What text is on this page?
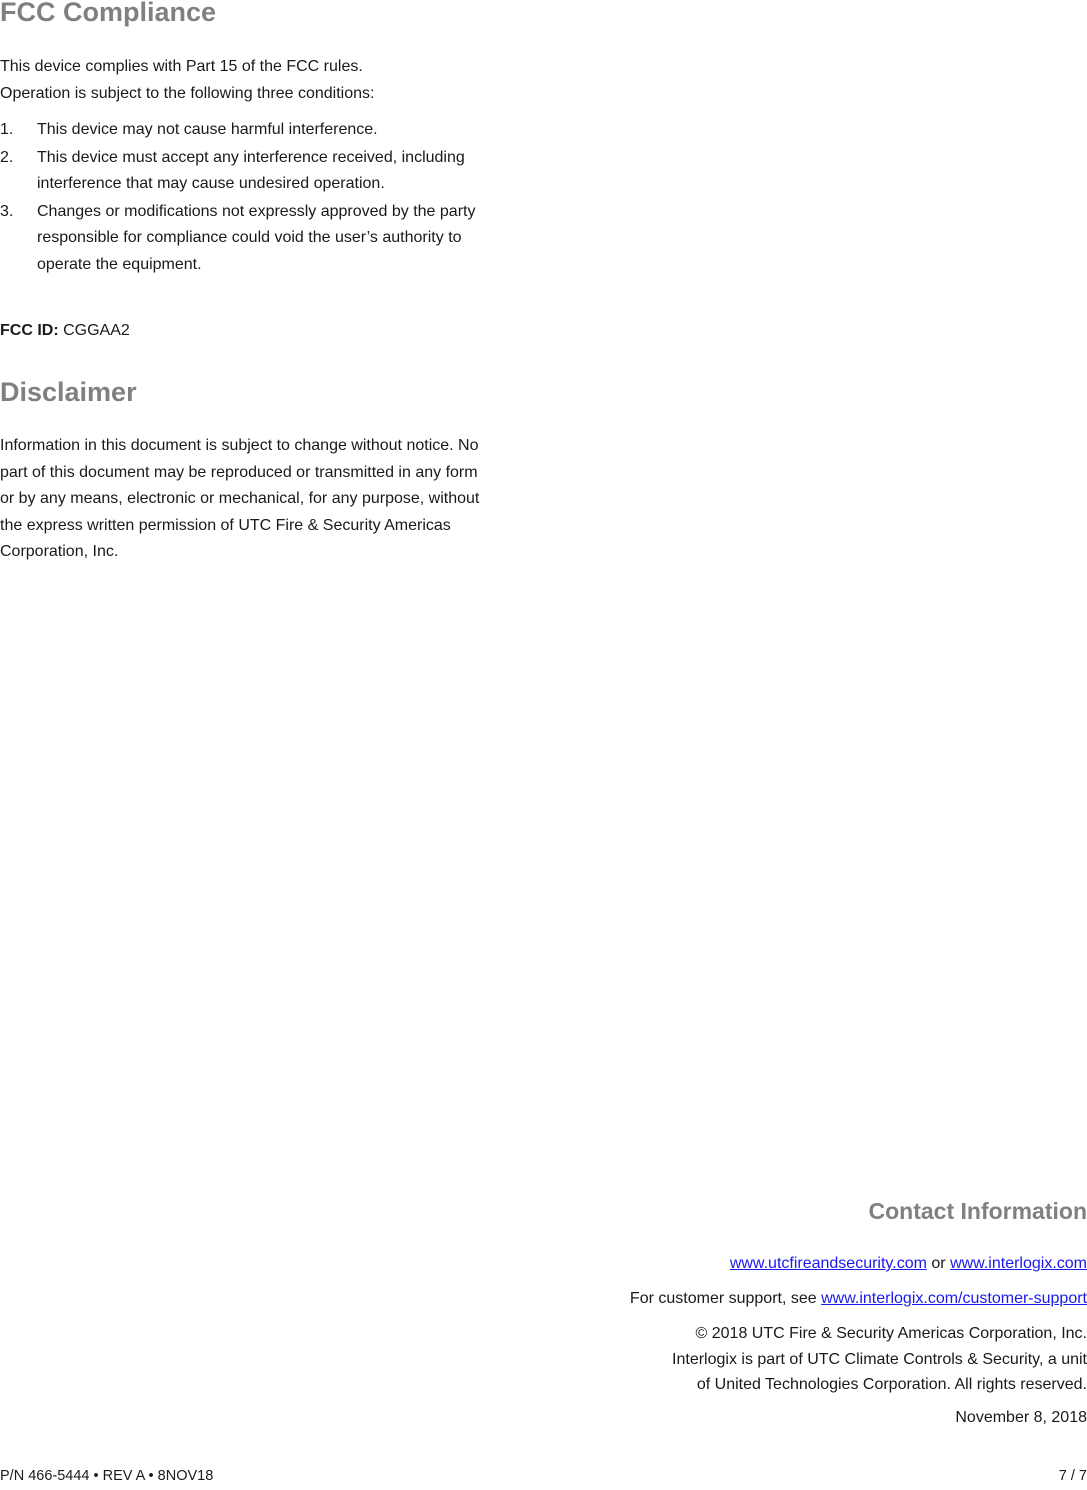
FCC Compliance

This device complies with Part 15 of the FCC rules.
Operation is subject to the following three conditions:

1. This device may not cause harmful interference.
2. This device must accept any interference received, including interference that may cause undesired operation.
3. Changes or modifications not expressly approved by the party responsible for compliance could void the user’s authority to operate the equipment.

FCC ID: CGGAA2

Disclaimer

Information in this document is subject to change without notice. No part of this document may be reproduced or transmitted in any form or by any means, electronic or mechanical, for any purpose, without the express written permission of UTC Fire & Security Americas Corporation, Inc.

Contact Information
www.utcfireandsecurity.com or www.interlogix.com
For customer support, see www.interlogix.com/customer-support
© 2018 UTC Fire & Security Americas Corporation, Inc.
Interlogix is part of UTC Climate Controls & Security, a unit
of United Technologies Corporation. All rights reserved.
November 8, 2018
P/N 466-5444 • REV A • 8NOV18	7 / 7
